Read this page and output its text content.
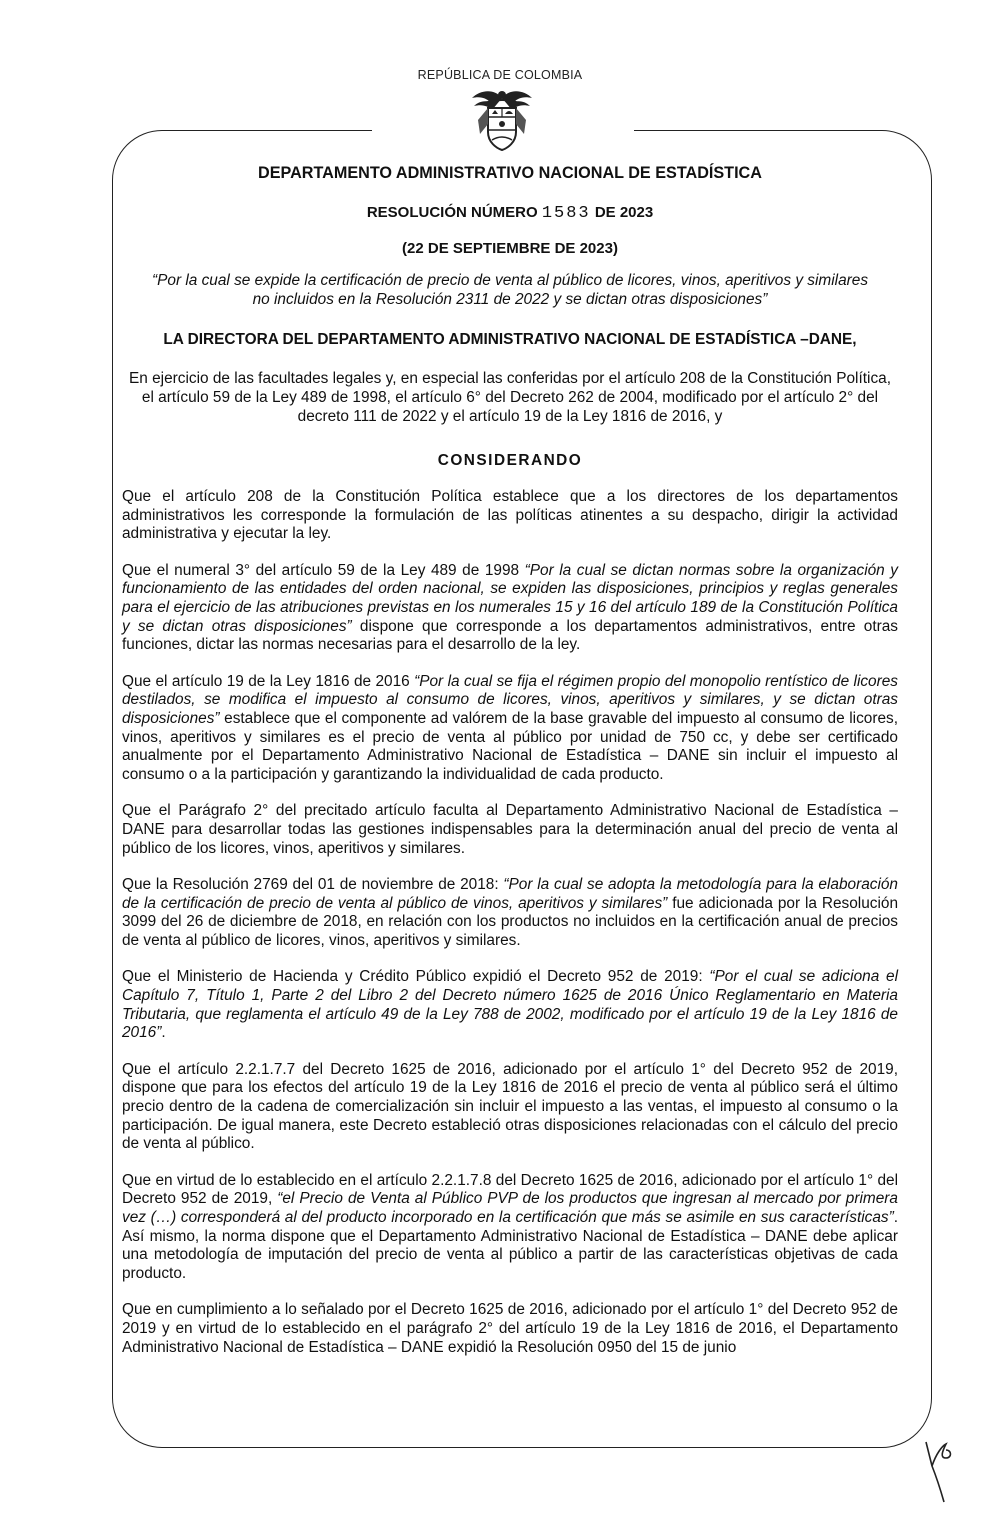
REPÚBLICA DE COLOMBIA
DEPARTAMENTO ADMINISTRATIVO NACIONAL DE ESTADÍSTICA
RESOLUCIÓN NÚMERO 1583 DE 2023
(22 DE SEPTIEMBRE DE 2023)
“Por la cual se expide la certificación de precio de venta al público de licores, vinos, aperitivos y similares no incluidos en la Resolución 2311 de 2022 y se dictan otras disposiciones”
LA DIRECTORA DEL DEPARTAMENTO ADMINISTRATIVO NACIONAL DE ESTADÍSTICA –DANE,
En ejercicio de las facultades legales y, en especial las conferidas por el artículo 208 de la Constitución Política, el artículo 59 de la Ley 489 de 1998, el artículo 6° del Decreto 262 de 2004, modificado por el artículo 2° del decreto 111 de 2022 y el artículo 19 de la Ley 1816 de 2016, y
CONSIDERANDO

Que el artículo 208 de la Constitución Política establece que a los directores de los departamentos administrativos les corresponde la formulación de las políticas atinentes a su despacho, dirigir la actividad administrativa y ejecutar la ley.

Que el numeral 3° del artículo 59 de la Ley 489 de 1998 “Por la cual se dictan normas sobre la organización y funcionamiento de las entidades del orden nacional, se expiden las disposiciones, principios y reglas generales para el ejercicio de las atribuciones previstas en los numerales 15 y 16 del artículo 189 de la Constitución Política y se dictan otras disposiciones” dispone que corresponde a los departamentos administrativos, entre otras funciones, dictar las normas necesarias para el desarrollo de la ley.

Que el artículo 19 de la Ley 1816 de 2016 “Por la cual se fija el régimen propio del monopolio rentístico de licores destilados, se modifica el impuesto al consumo de licores, vinos, aperitivos y similares, y se dictan otras disposiciones” establece que el componente ad valórem de la base gravable del impuesto al consumo de licores, vinos, aperitivos y similares es el precio de venta al público por unidad de 750 cc, y debe ser certificado anualmente por el Departamento Administrativo Nacional de Estadística – DANE sin incluir el impuesto al consumo o a la participación y garantizando la individualidad de cada producto.

Que el Parágrafo 2° del precitado artículo faculta al Departamento Administrativo Nacional de Estadística – DANE para desarrollar todas las gestiones indispensables para la determinación anual del precio de venta al público de los licores, vinos, aperitivos y similares.

Que la Resolución 2769 del 01 de noviembre de 2018: “Por la cual se adopta la metodología para la elaboración de la certificación de precio de venta al público de vinos, aperitivos y similares” fue adicionada por la Resolución 3099 del 26 de diciembre de 2018, en relación con los productos no incluidos en la certificación anual de precios de venta al público de licores, vinos, aperitivos y similares.

Que el Ministerio de Hacienda y Crédito Público expidió el Decreto 952 de 2019: “Por el cual se adiciona el Capítulo 7, Título 1, Parte 2 del Libro 2 del Decreto número 1625 de 2016 Único Reglamentario en Materia Tributaria, que reglamenta el artículo 49 de la Ley 788 de 2002, modificado por el artículo 19 de la Ley 1816 de 2016”.

Que el artículo 2.2.1.7.7 del Decreto 1625 de 2016, adicionado por el artículo 1° del Decreto 952 de 2019, dispone que para los efectos del artículo 19 de la Ley 1816 de 2016 el precio de venta al público será el último precio dentro de la cadena de comercialización sin incluir el impuesto a las ventas, el impuesto al consumo o la participación. De igual manera, este Decreto estableció otras disposiciones relacionadas con el cálculo del precio de venta al público.

Que en virtud de lo establecido en el artículo 2.2.1.7.8 del Decreto 1625 de 2016, adicionado por el artículo 1° del Decreto 952 de 2019, “el Precio de Venta al Público PVP de los productos que ingresan al mercado por primera vez (…) corresponderá al del producto incorporado en la certificación que más se asimile en sus características”. Así mismo, la norma dispone que el Departamento Administrativo Nacional de Estadística – DANE debe aplicar una metodología de imputación del precio de venta al público a partir de las características objetivas de cada producto.

Que en cumplimiento a lo señalado por el Decreto 1625 de 2016, adicionado por el artículo 1° del Decreto 952 de 2019 y en virtud de lo establecido en el parágrafo 2° del artículo 19 de la Ley 1816 de 2016, el Departamento Administrativo Nacional de Estadística – DANE expidió la Resolución 0950 del 15 de junio
